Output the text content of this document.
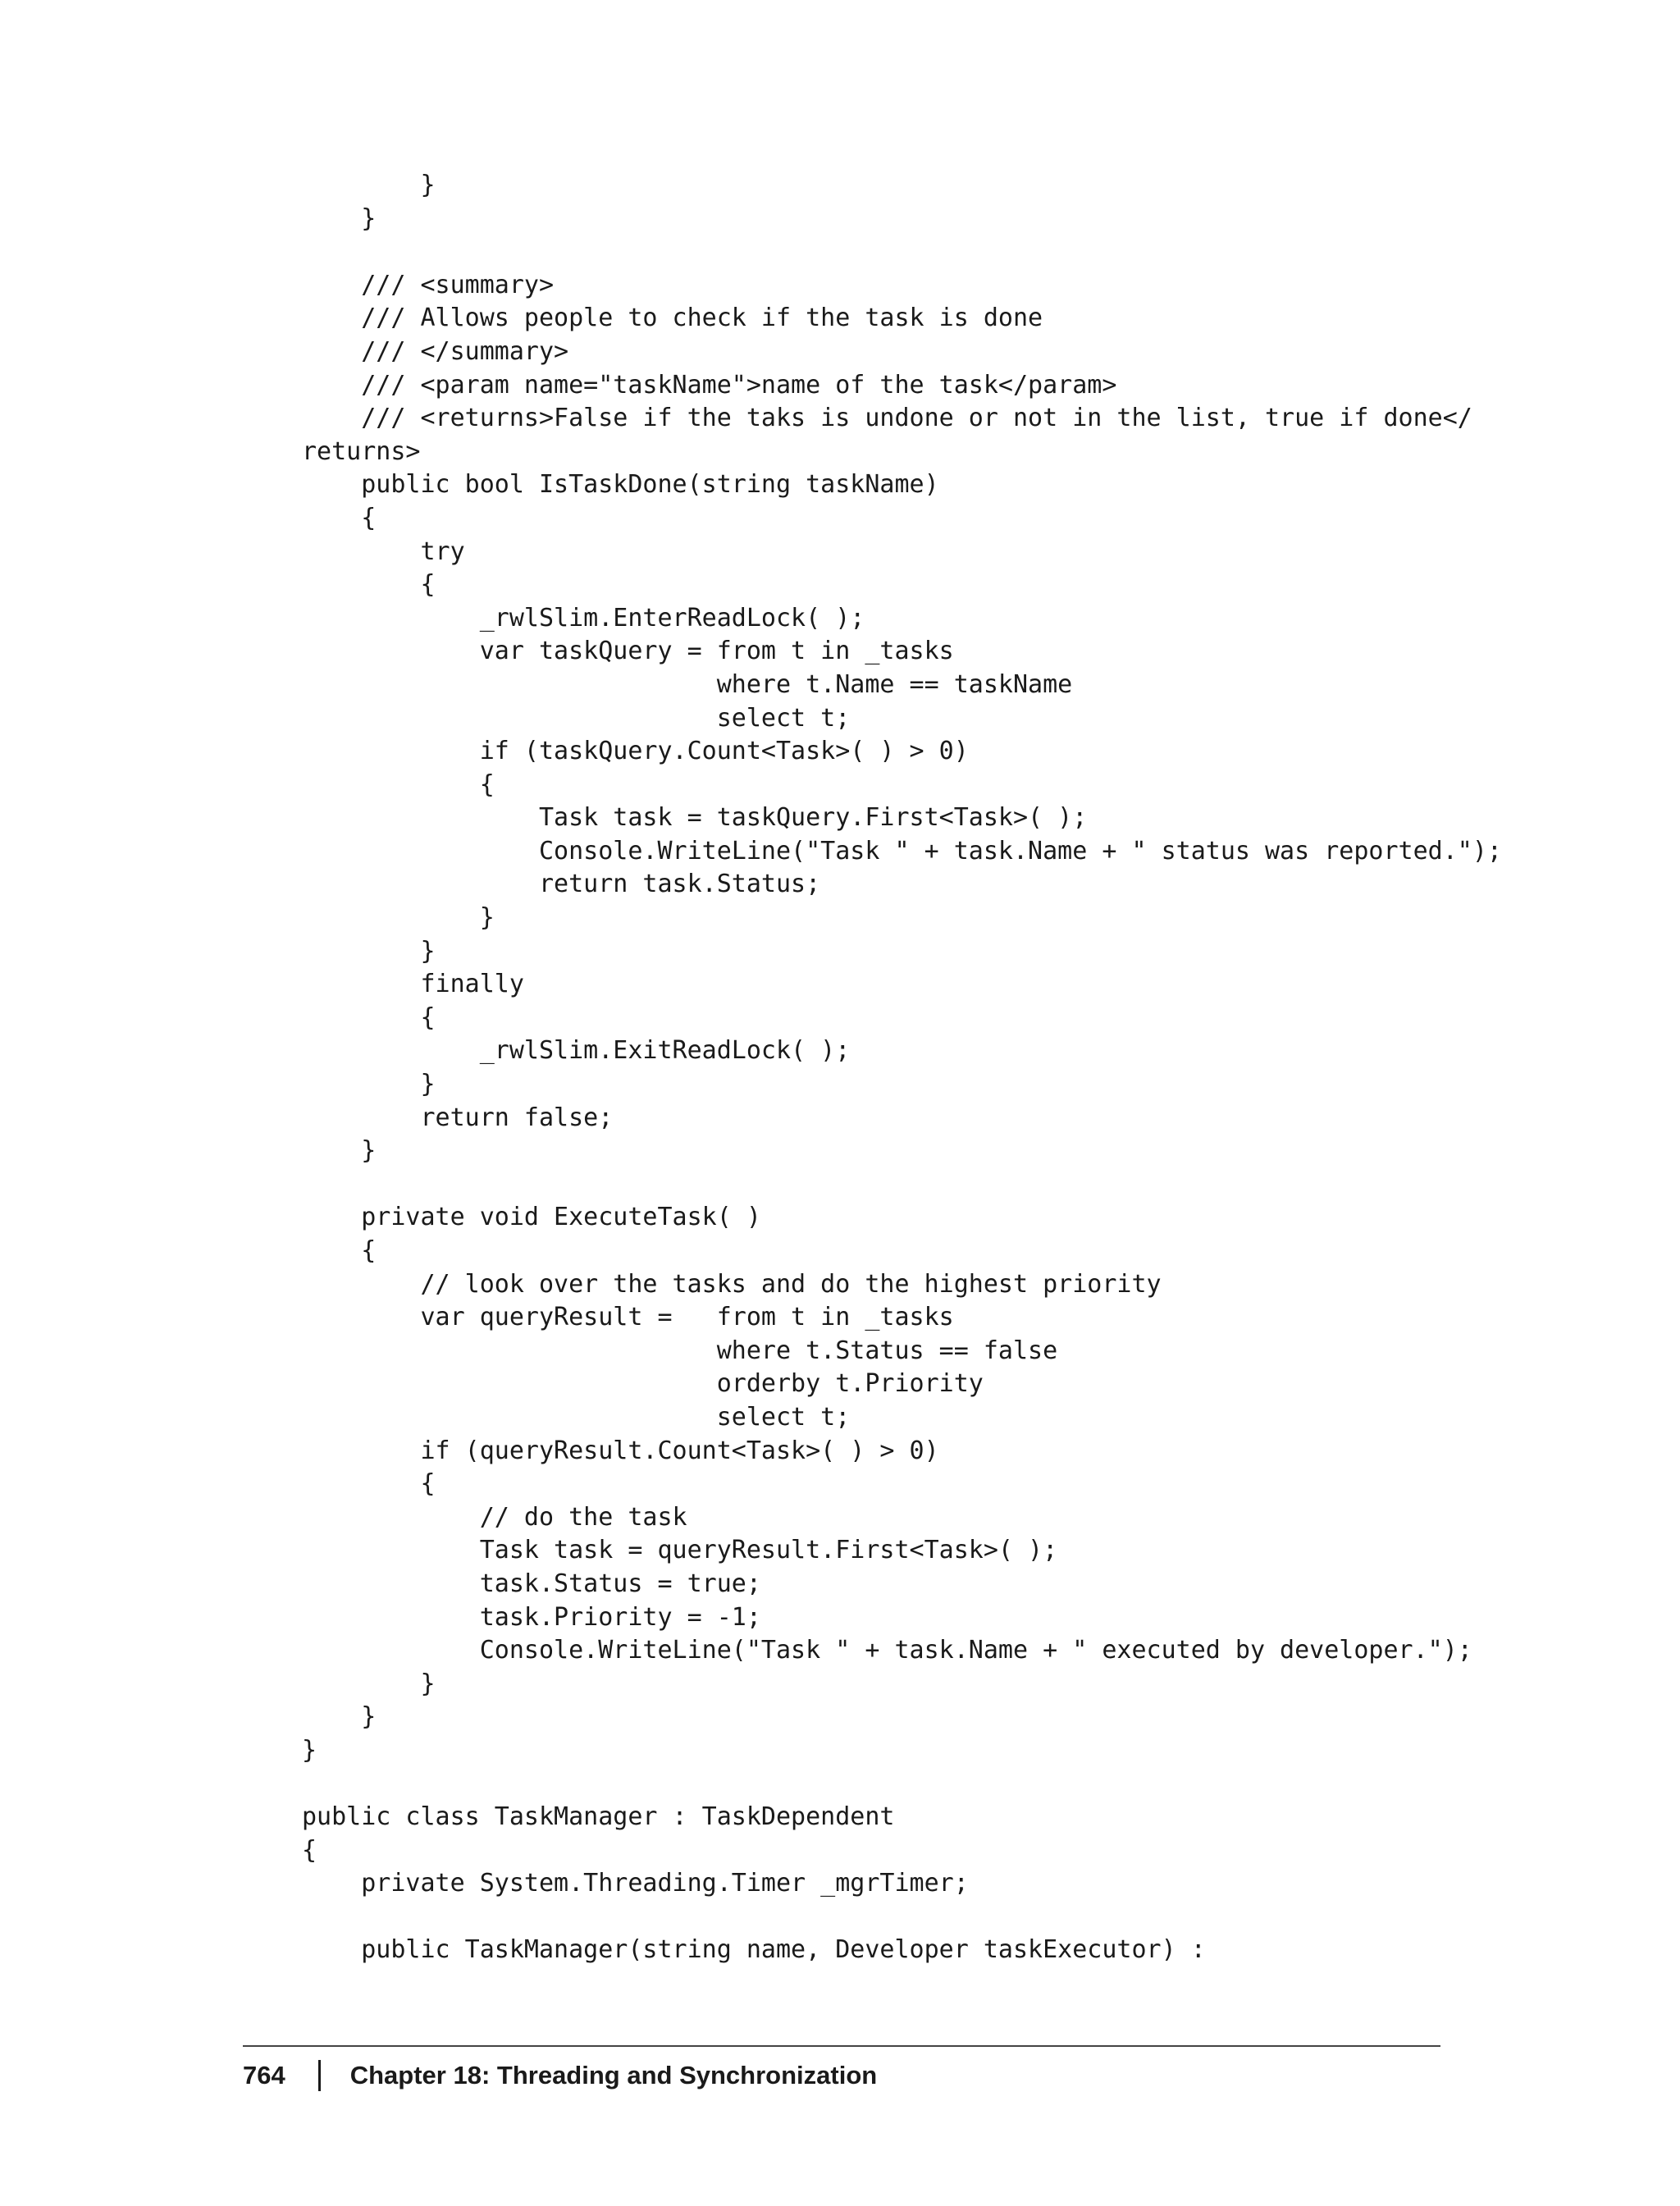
}
}
/// <summary>
/// Allows people to check if the task is done
/// </summary>
/// <param name="taskName">name of the task</param>
/// <returns>False if the taks is undone or not in the list, true if done</
returns>
public bool IsTaskDone(string taskName)
{
try
{
_rwlSlim.EnterReadLock( );
var taskQuery = from t in _tasks
where t.Name == taskName
select t;
if (taskQuery.Count<Task>( ) > 0)
{
Task task = taskQuery.First<Task>( );
Console.WriteLine("Task " + task.Name + " status was reported.");
return task.Status;
}
}
finally
{
_rwlSlim.ExitReadLock( );
}
return false;
}
private void ExecuteTask( )
{
// look over the tasks and do the highest priority
var queryResult =   from t in _tasks
where t.Status == false
orderby t.Priority
select t;
if (queryResult.Count<Task>( ) > 0)
{
// do the task
Task task = queryResult.First<Task>( );
task.Status = true;
task.Priority = -1;
Console.WriteLine("Task " + task.Name + " executed by developer.");
}
}
}
public class TaskManager : TaskDependent
{
private System.Threading.Timer _mgrTimer;
public TaskManager(string name, Developer taskExecutor) :
764	Chapter 18: Threading and Synchronization
